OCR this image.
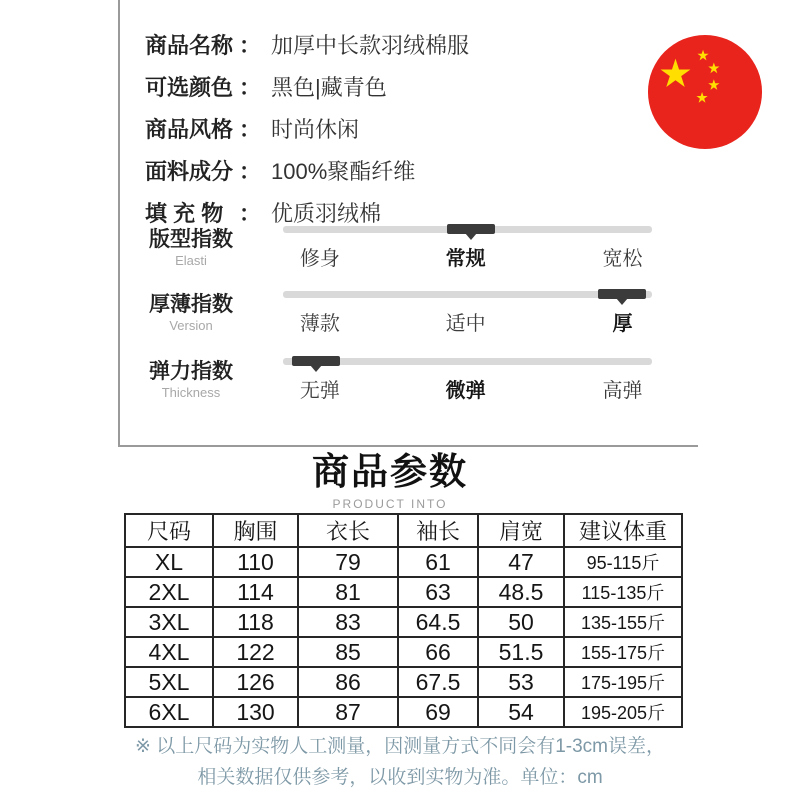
商品名称 ： 加厚中长款羽绒棉服
可选颜色 ： 黑色|藏青色
商品风格 ： 时尚休闲
面料成分 ： 100%聚酯纤维
填 充 物 ： 优质羽绒棉
版型指数
Elasti	修身	常规	宽松
厚薄指数
Version	薄款	适中	厚
弹力指数
Thickness	无弹	微弹	高弹
商品参数
PRODUCT INTO
尺码	胸围	衣长	袖长	肩宽	建议体重
XL	110	79	61	47	95-115斤
2XL	114	81	63	48.5	115-135斤
3XL	118	83	64.5	50	135-155斤
4XL	122	85	66	51.5	155-175斤
5XL	126	86	67.5	53	175-195斤
6XL	130	87	69	54	195-205斤
※ 以上尺码为实物人工测量，因测量方式不同会有1-3cm误差，
相关数据仅供参考，以收到实物为准。单位：cm
